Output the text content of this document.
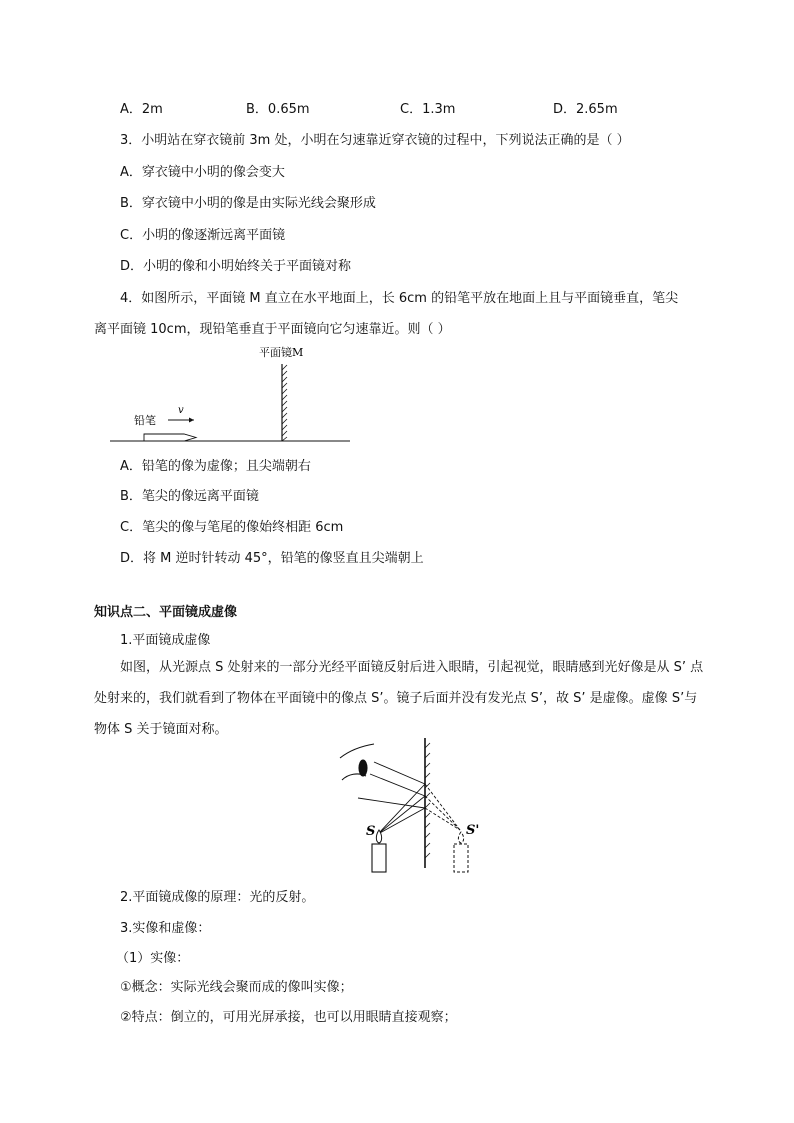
A．2m	B．0.65m	C．1.3m	D．2.65m
3．小明站在穿衣镜前 3m 处，小明在匀速靠近穿衣镜的过程中，下列说法正确的是（ ）
A．穿衣镜中小明的像会变大
B．穿衣镜中小明的像是由实际光线会聚形成
C．小明的像逐渐远离平面镜
D．小明的像和小明始终关于平面镜对称
4．如图所示，平面镜 M 直立在水平地面上，长 6cm 的铅笔平放在地面上且与平面镜垂直，笔尖
离平面镜 10cm，现铅笔垂直于平面镜向它匀速靠近。则（ ）
平面镜M
铅笔
v
A．铅笔的像为虚像；且尖端朝右
B．笔尖的像远离平面镜
C．笔尖的像与笔尾的像始终相距 6cm
D．将 M 逆时针转动 45°，铅笔的像竖直且尖端朝上
知识点二、平面镜成虚像
1.平面镜成虚像
如图，从光源点 S 处射来的一部分光经平面镜反射后进入眼睛，引起视觉，眼睛感到光好像是从 S’ 点处射来的，我们就看到了物体在平面镜中的像点 S’。镜子后面并没有发光点 S’，故 S’ 是虚像。虚像 S’与物体 S 关于镜面对称。
S	S'
2.平面镜成像的原理：光的反射。
3.实像和虚像：
（1）实像：
①概念：实际光线会聚而成的像叫实像；
②特点：倒立的，可用光屏承接，也可以用眼睛直接观察；
